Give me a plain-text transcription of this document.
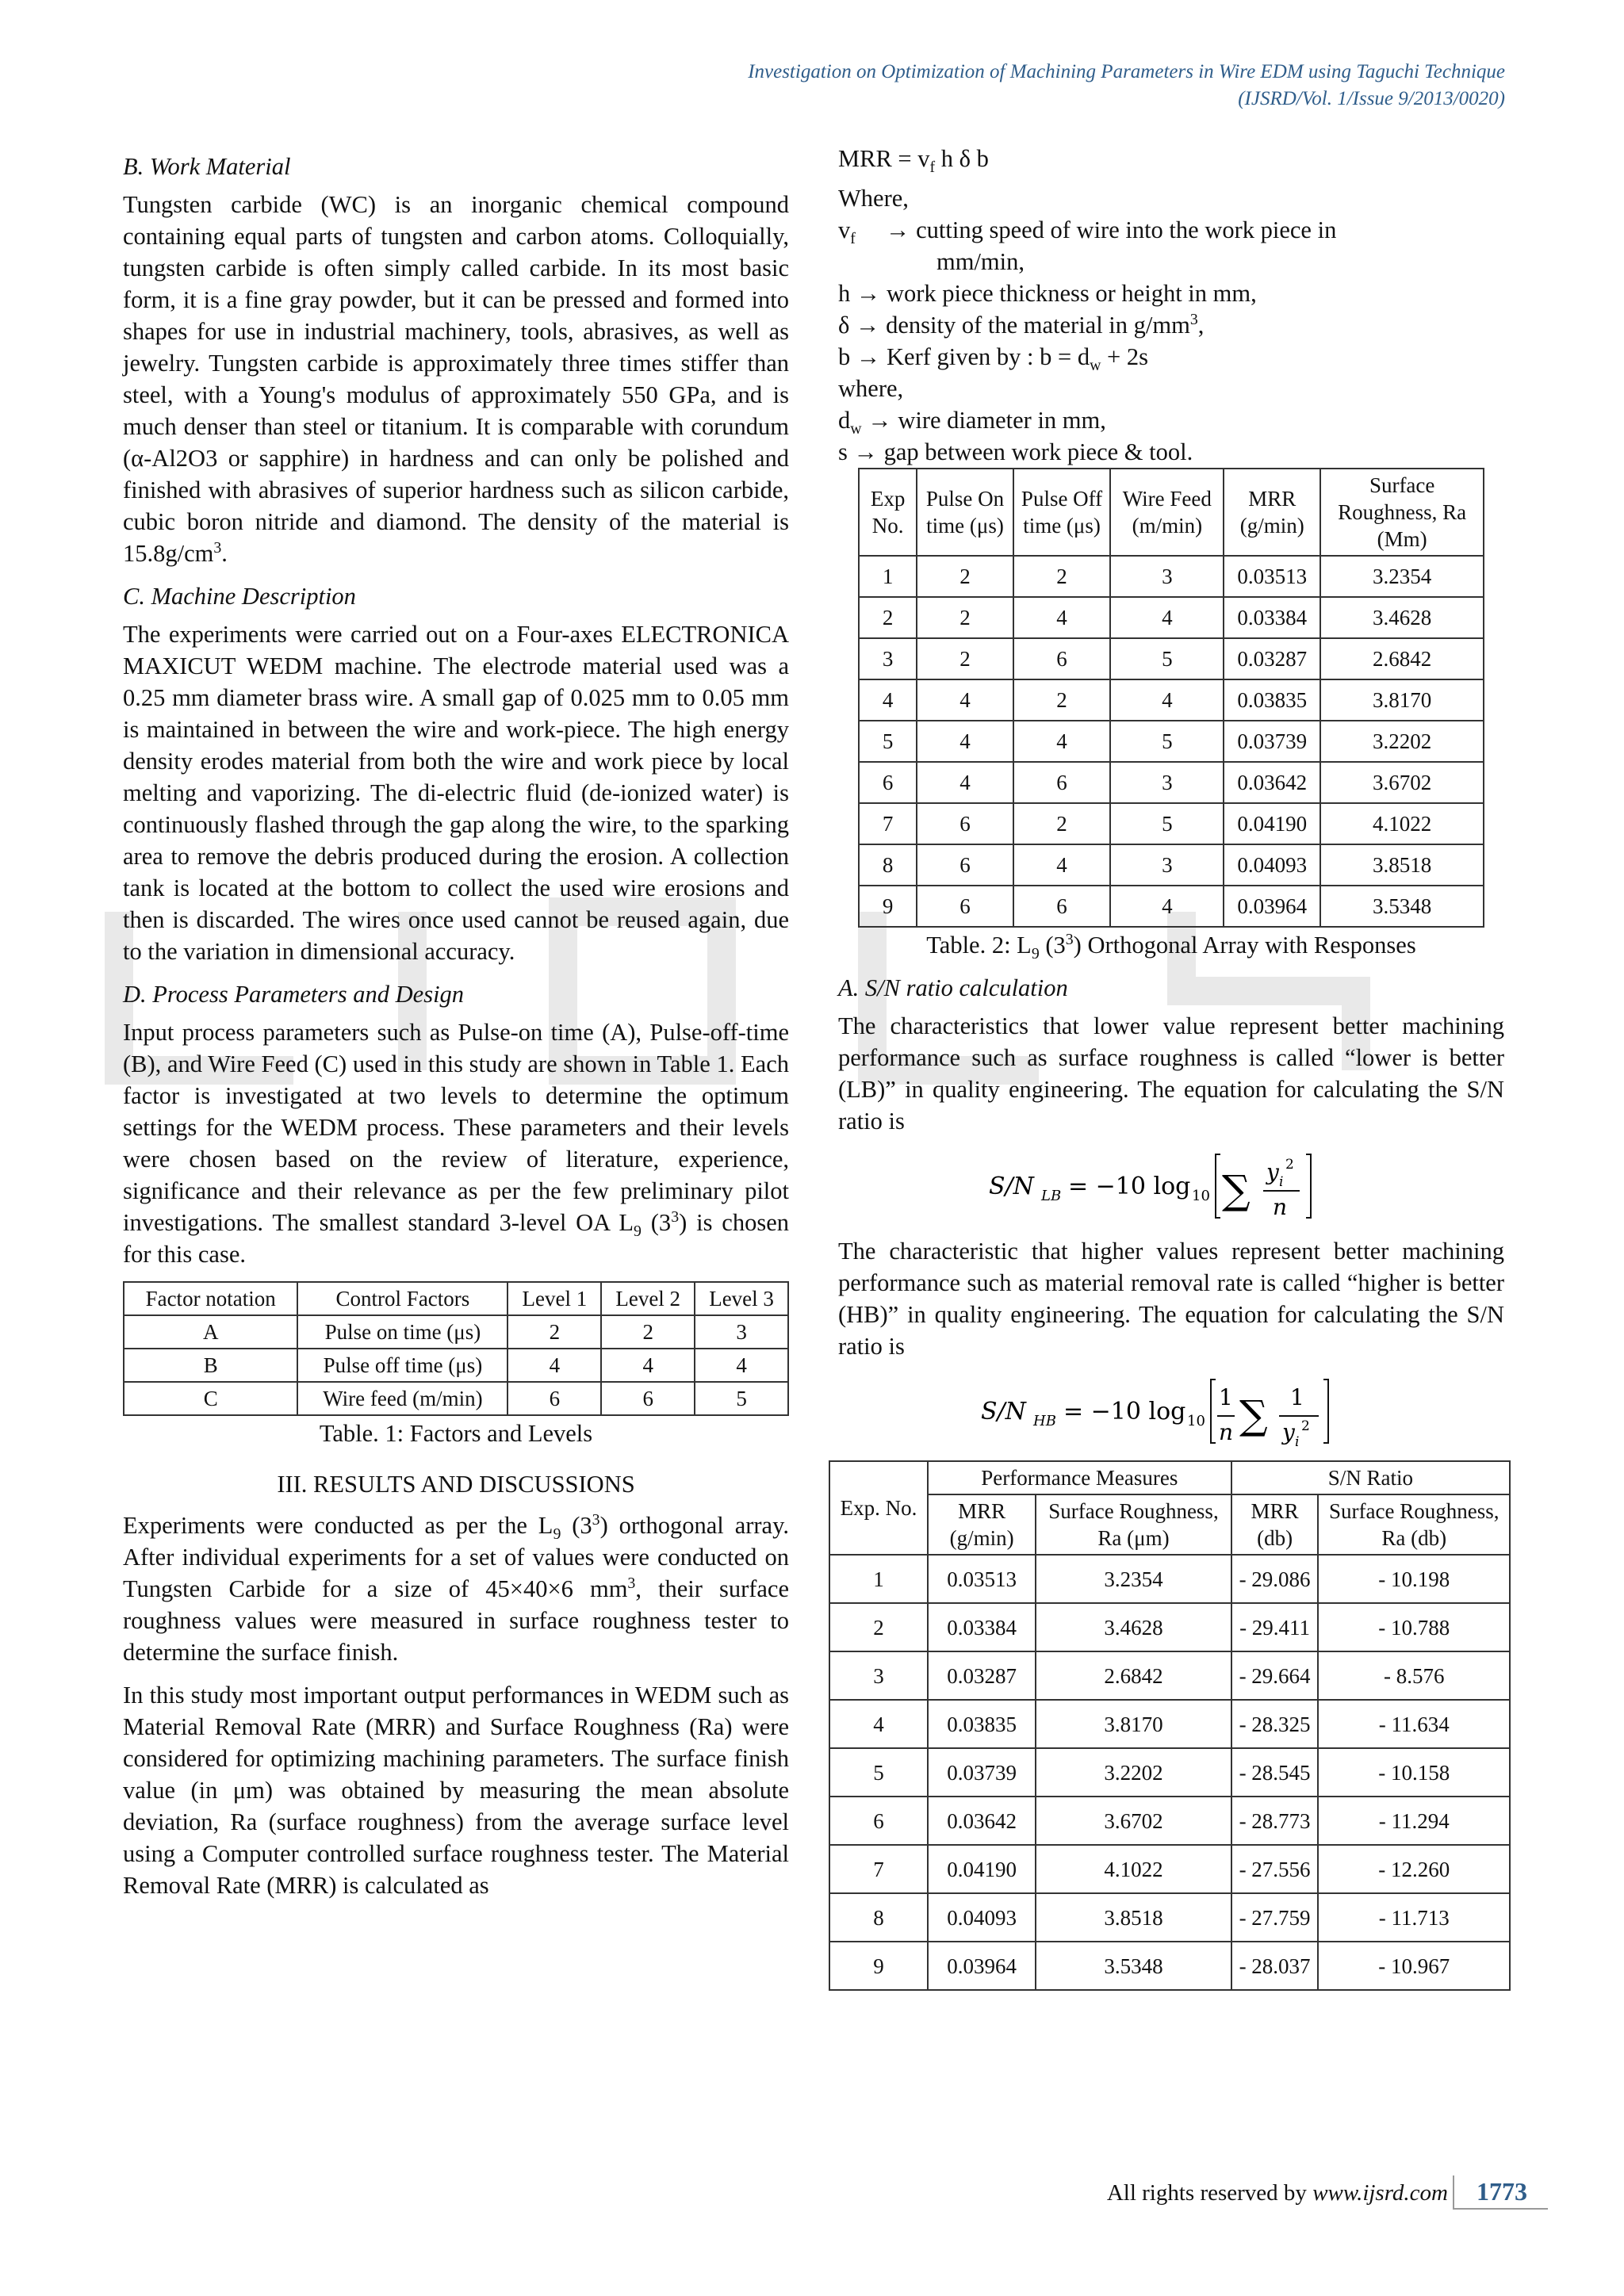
Investigation on Optimization of Machining Parameters in Wire EDM using Taguchi Technique
(IJSRD/Vol. 1/Issue 9/2013/0020)
B. Work Material

Tungsten carbide (WC) is an inorganic chemical compound containing equal parts of tungsten and carbon atoms. Colloquially, tungsten carbide is often simply called carbide. In its most basic form, it is a fine gray powder, but it can be pressed and formed into shapes for use in industrial machinery, tools, abrasives, as well as jewelry. Tungsten carbide is approximately three times stiffer than steel, with a Young's modulus of approximately 550 GPa, and is much denser than steel or titanium. It is comparable with corundum (α-Al2O3 or sapphire) in hardness and can only be polished and finished with abrasives of superior hardness such as silicon carbide, cubic boron nitride and diamond. The density of the material is $15.8g/cm^3$.

C. Machine Description

The experiments were carried out on a Four-axes ELECTRONICA MAXICUT WEDM machine. The electrode material used was a 0.25 mm diameter brass wire. A small gap of 0.025 mm to 0.05 mm is maintained in between the wire and work-piece. The high energy density erodes material from both the wire and work piece by local melting and vaporizing. The di-electric fluid (de-ionized water) is continuously flashed through the gap along the wire, to the sparking area to remove the debris produced during the erosion. A collection tank is located at the bottom to collect the used wire erosions and then is discarded. The wires once used cannot be reused again, due to the variation in dimensional accuracy.

D. Process Parameters and Design

Input process parameters such as Pulse-on time (A), Pulse-off-time (B), and Wire Feed (C) used in this study are shown in Table 1. Each factor is investigated at two levels to determine the optimum settings for the WEDM process. These parameters and their levels were chosen based on the review of literature, experience, significance and their relevance as per the few preliminary pilot investigations. The smallest standard 3-level OA $L_9$ $(3^3)$ is chosen for this case.

Factor notation	Control Factors	Level 1	Level 2	Level 3
A	Pulse on time (μs)	2	2	3
B	Pulse off time (μs)	4	4	4
C	Wire feed (m/min)	6	6	5
Table. 1: Factors and Levels
III. RESULTS AND DISCUSSIONS

Experiments were conducted as per the $L_9$ $(3^3)$ orthogonal array. After individual experiments for a set of values were conducted on Tungsten Carbide for a size of 45×40×6 $mm^3$, their surface roughness values were measured in surface roughness tester to determine the surface finish.

In this study most important output performances in WEDM such as Material Removal Rate (MRR) and Surface Roughness (Ra) were considered for optimizing machining parameters. The surface finish value (in μm) was obtained by measuring the mean absolute deviation, Ra (surface roughness) from the average surface level using a Computer controlled surface roughness tester. The Material Removal Rate (MRR) is calculated as

MRR = $v_f$ h δ b
Where,
$v_f$ → cutting speed of wire into the work piece in
mm/min,
h → work piece thickness or height in mm,
δ → density of the material in $g/mm^3$,
b → Kerf given by : $b = d_w + 2s$
where,
$d_w$ → wire diameter in mm,
s → gap between work piece & tool.
Exp No.	Pulse On time (μs)	Pulse Off time (μs)	Wire Feed (m/min)	MRR (g/min)	Surface Roughness, Ra (Mm)
1	2	2	3	0.03513	3.2354
2	2	4	4	0.03384	3.4628
3	2	6	5	0.03287	2.6842
4	4	2	4	0.03835	3.8170
5	4	4	5	0.03739	3.2202
6	4	6	3	0.03642	3.6702
7	6	2	5	0.04190	4.1022
8	6	4	3	0.04093	3.8518
9	6	6	4	0.03964	3.5348
Table. 2: $L_9$ $(3^3)$ Orthogonal Array with Responses
A. S/N ratio calculation

The characteristics that lower value represent better machining performance such as surface roughness is called “lower is better (LB)” in quality engineering. The equation for calculating the S/N ratio is

S/N LB = −10 log 10 ∑ y i
2
n

The characteristic that higher values represent better machining performance such as material removal rate is called “higher is better (HB)” in quality engineering. The equation for calculating the S/N ratio is

S/N HB = −10 log 10
1
n ∑ 1
y i
2
Exp. No.	Performance Measures		S/N Ratio	
	MRR (g/min)	Surface Roughness, Ra (μm)	MRR (db)	Surface Roughness, Ra (db)
1	0.03513	3.2354	- 29.086	- 10.198
2	0.03384	3.4628	- 29.411	- 10.788
3	0.03287	2.6842	- 29.664	- 8.576
4	0.03835	3.8170	- 28.325	- 11.634
5	0.03739	3.2202	- 28.545	- 10.158
6	0.03642	3.6702	- 28.773	- 11.294
7	0.04190	4.1022	- 27.556	- 12.260
8	0.04093	3.8518	- 27.759	- 11.713
9	0.03964	3.5348	- 28.037	- 10.967
All rights reserved by www.ijsrd.com 1773
